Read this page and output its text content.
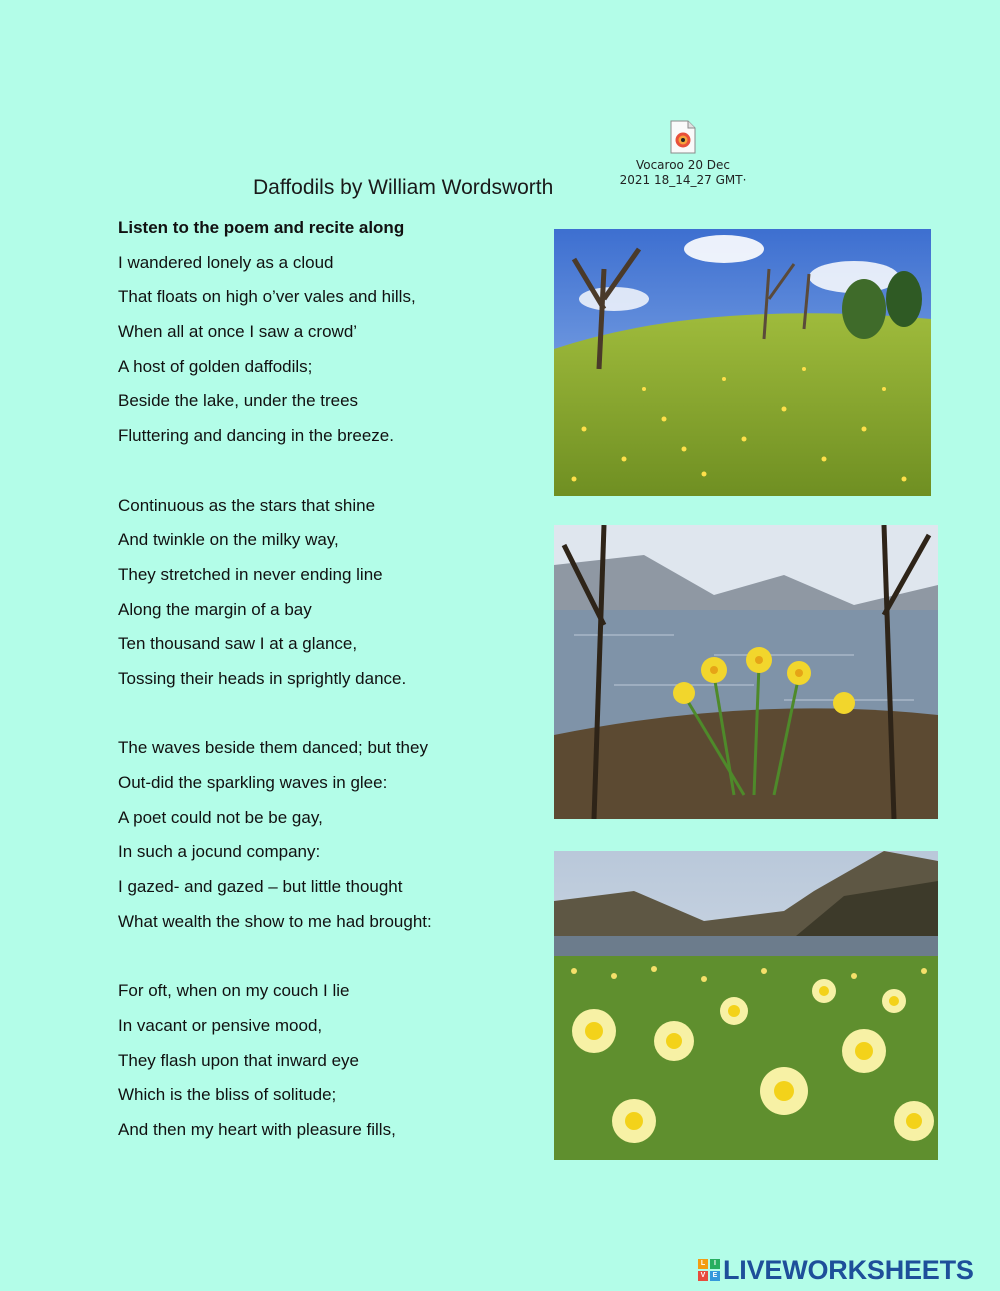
Vocaroo 20 Dec
2021 18_14_27 GMT·
Daffodils by William Wordsworth

Listen to the poem and recite along

I wandered lonely as a cloud

That floats on high o’ver vales and hills,

When all at once I saw a crowd’

A host of golden daffodils;

Beside the lake, under the trees

Fluttering and dancing in the breeze.

Continuous as the stars that shine

And twinkle on the milky way,

They stretched in never ending line

Along the margin of a bay

Ten thousand saw I at a glance,

Tossing their heads in sprightly dance.

The waves beside them danced; but they

Out-did the sparkling waves in glee:

A poet could not be be gay,

In such a jocund company:

I gazed- and gazed – but little thought

What wealth the show to me had brought:

For oft, when on my couch I lie

In vacant or pensive mood,

They flash upon that inward eye

Which is the bliss of solitude;

And then my heart with pleasure fills,

L	I
V	E LIVEWORKSHEETS
